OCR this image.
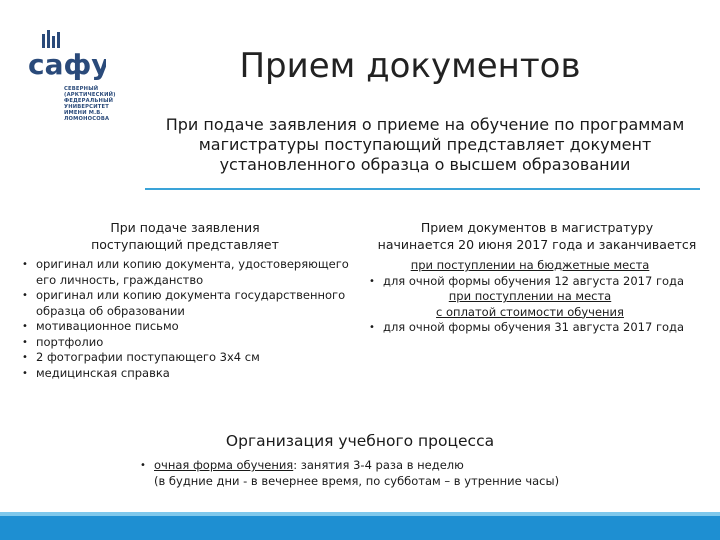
сафу
СЕВЕРНЫЙ (АРКТИЧЕСКИЙ) ФЕДЕРАЛЬНЫЙ УНИВЕРСИТЕТ ИМЕНИ М.В. ЛОМОНОСОВА
Прием документов
При подаче заявления о приеме на обучение по программам магистратуры поступающий представляет документ установленного образца о высшем образовании
При подаче заявления
поступающий представляет
• оригинал или копию документа, удостоверяющего его личность, гражданство
• оригинал или копию документа государственного образца об образовании
• мотивационное письмо
• портфолио
• 2 фотографии поступающего 3х4 см
• медицинская справка
Прием документов в магистратуру
начинается 20 июня 2017 года и заканчивается
при поступлении на бюджетные места
• для очной формы обучения 12 августа 2017 года
при поступлении на места
с оплатой стоимости обучения
• для очной формы обучения 31 августа 2017 года
Организация учебного процесса
• очная форма обучения: занятия 3-4 раза в неделю
(в будние дни - в вечернее время, по субботам – в утренние часы)
